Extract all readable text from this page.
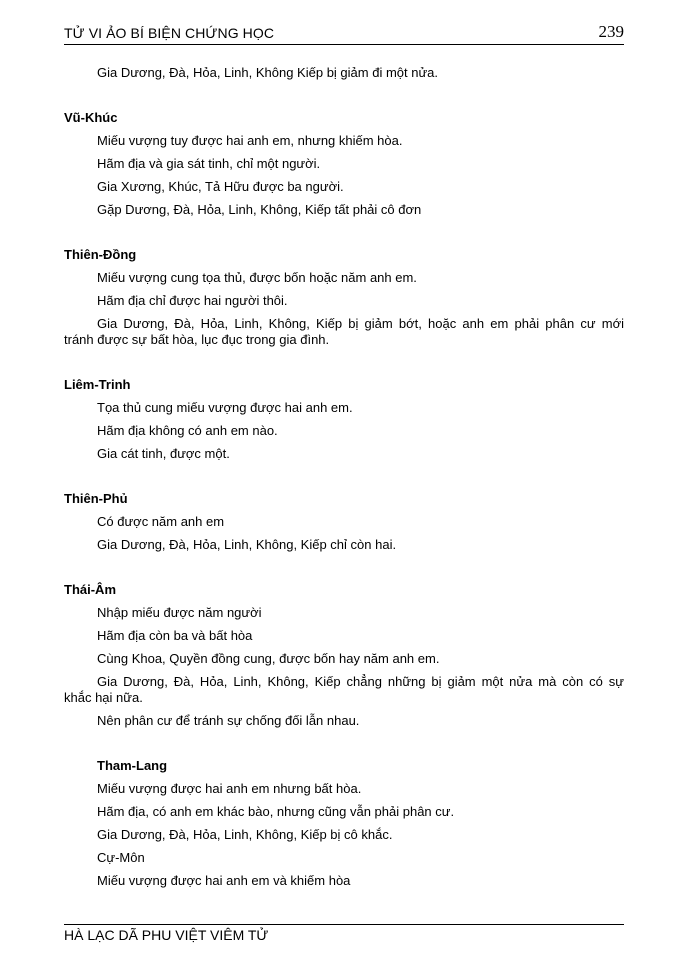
TỬ VI ẢO BÍ BIỆN CHỨNG HỌC	239
Gia Dương, Đà, Hỏa, Linh, Không Kiếp bị giảm đi một nửa.
Vũ-Khúc
Miếu vượng tuy được hai anh em, nhưng khiếm hòa.
Hãm địa và gia sát tinh, chỉ một người.
Gia Xương, Khúc, Tả Hữu được ba người.
Gặp Dương, Đà, Hỏa, Linh, Không, Kiếp tất phải cô đơn
Thiên-Đồng
Miếu vượng cung tọa thủ, được bốn hoặc năm anh em.
Hãm địa chỉ được hai người thôi.
Gia Dương, Đà, Hỏa, Linh, Không, Kiếp bị giảm bớt, hoặc anh em phải phân cư mới
tránh được sự bất hòa, lục đục trong gia đình.
Liêm-Trinh
Tọa thủ cung miếu vượng được hai anh em.
Hãm địa không có anh em nào.
Gia cát tinh, được một.
Thiên-Phủ
Có được năm anh em
Gia Dương, Đà, Hỏa, Linh, Không, Kiếp chỉ còn hai.
Thái-Âm
Nhập miếu được năm người
Hãm địa còn ba và bất hòa
Cùng Khoa, Quyền đồng cung, được bốn hay năm anh em.
Gia Dương, Đà, Hỏa, Linh, Không, Kiếp chẳng những bị giảm một nửa mà còn có sự
khắc hại nữa.
Nên phân cư để tránh sự chống đối lẫn nhau.
Tham-Lang
Miếu vượng được hai anh em nhưng bất hòa.
Hãm địa, có anh em khác bào, nhưng cũng vẫn phải phân cư.
Gia Dương, Đà, Hỏa, Linh, Không, Kiếp bị cô khắc.
Cự-Môn
Miếu vượng được hai anh em và khiếm hòa
HÀ LẠC DÃ PHU VIỆT VIÊM TỬ
